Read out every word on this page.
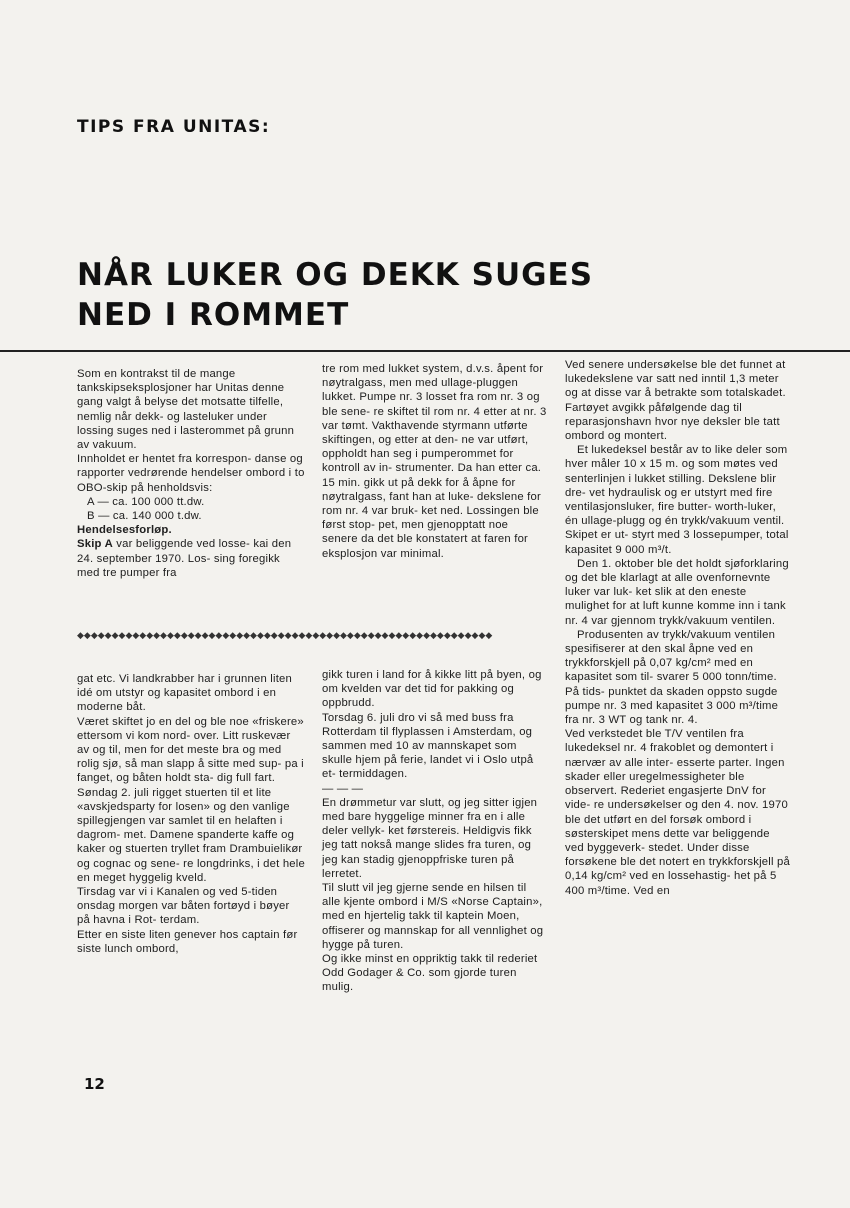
TIPS FRA UNITAS:
NÅR LUKER OG DEKK SUGES
NED I ROMMET

Som en kontrakst til de mange tankskipseksplosjoner har Unitas denne gang valgt å belyse det motsatte tilfelle, nemlig når dekk- og lasteluker under lossing suges ned i lasterommet på grunn av vakuum.

Innholdet er hentet fra korrespon- danse og rapporter vedrørende hendelser ombord i to OBO-skip på henholdsvis:

A — ca. 100 000 tt.dw.

B — ca. 140 000 t.dw.

Hendelsesforløp.

Skip A var beliggende ved losse- kai den 24. september 1970. Los- sing foregikk med tre pumper fra

tre rom med lukket system, d.v.s. åpent for nøytralgass, men med ullage-pluggen lukket. Pumpe nr. 3 losset fra rom nr. 3 og ble sene- re skiftet til rom nr. 4 etter at nr. 3 var tømt. Vakthavende styrmann utførte skiftingen, og etter at den- ne var utført, oppholdt han seg i pumperommet for kontroll av in- strumenter. Da han etter ca. 15 min. gikk ut på dekk for å åpne for nøytralgass, fant han at luke- dekslene for rom nr. 4 var bruk- ket ned. Lossingen ble først stop- pet, men gjenopptatt noe senere da det ble konstatert at faren for eksplosjon var minimal.

Ved senere undersøkelse ble det funnet at lukedekslene var satt ned inntil 1,3 meter og at disse var å betrakte som totalskadet. Fartøyet avgikk påfølgende dag til reparasjonshavn hvor nye deksler ble tatt ombord og montert.

Et lukedeksel består av to like deler som hver måler 10 x 15 m. og som møtes ved senterlinjen i lukket stilling. Dekslene blir dre- vet hydraulisk og er utstyrt med fire ventilasjonsluker, fire butter- worth-luker, én ullage-plugg og én trykk/vakuum ventil. Skipet er ut- styrt med 3 lossepumper, total kapasitet 9 000 m³/t.

Den 1. oktober ble det holdt sjøforklaring og det ble klarlagt at alle ovenfornevnte luker var luk- ket slik at den eneste mulighet for at luft kunne komme inn i tank nr. 4 var gjennom trykk/vakuum ventilen.

Produsenten av trykk/vakuum ventilen spesifiserer at den skal åpne ved en trykkforskjell på 0,07 kg/cm² med en kapasitet som til- svarer 5 000 tonn/time. På tids- punktet da skaden oppsto sugde pumpe nr. 3 med kapasitet 3 000 m³/time fra nr. 3 WT og tank nr. 4.

Ved verkstedet ble T/V ventilen fra lukedeksel nr. 4 frakoblet og demontert i nærvær av alle inter- esserte parter. Ingen skader eller uregelmessigheter ble observert. Rederiet engasjerte DnV for vide- re undersøkelser og den 4. nov. 1970 ble det utført en del forsøk ombord i søsterskipet mens dette var beliggende ved byggeverk- stedet. Under disse forsøkene ble det notert en trykkforskjell på 0,14 kg/cm² ved en lossehastig- het på 5 400 m³/time. Ved en

◆◆◆◆◆◆◆◆◆◆◆◆◆◆◆◆◆◆◆◆◆◆◆◆◆◆◆◆◆◆◆◆◆◆◆◆◆◆◆◆◆◆◆◆◆◆◆◆◆◆◆◆◆◆◆◆◆◆◆◆

gat etc. Vi landkrabber har i grunnen liten idé om utstyr og kapasitet ombord i en moderne båt.

Været skiftet jo en del og ble noe «friskere» ettersom vi kom nord- over. Litt ruskevær av og til, men for det meste bra og med rolig sjø, så man slapp å sitte med sup- pa i fanget, og båten holdt sta- dig full fart.

Søndag 2. juli rigget stuerten til et lite «avskjedsparty for losen» og den vanlige spillegjengen var samlet til en helaften i dagrom- met. Damene spanderte kaffe og kaker og stuerten tryllet fram Drambuielikør og cognac og sene- re longdrinks, i det hele en meget hyggelig kveld.

Tirsdag var vi i Kanalen og ved 5-tiden onsdag morgen var båten fortøyd i bøyer på havna i Rot- terdam.

Etter en siste liten genever hos captain før siste lunch ombord,

gikk turen i land for å kikke litt på byen, og om kvelden var det tid for pakking og oppbrudd.

Torsdag 6. juli dro vi så med buss fra Rotterdam til flyplassen i Amsterdam, og sammen med 10 av mannskapet som skulle hjem på ferie, landet vi i Oslo utpå et- termiddagen.

— — —

En drømmetur var slutt, og jeg sitter igjen med bare hyggelige minner fra en i alle deler vellyk- ket førstereis. Heldigvis fikk jeg tatt nokså mange slides fra turen, og jeg kan stadig gjenoppfriske turen på lerretet.

Til slutt vil jeg gjerne sende en hilsen til alle kjente ombord i M/S «Norse Captain», med en hjertelig takk til kaptein Moen, offiserer og mannskap for all vennlighet og hygge på turen.

Og ikke minst en oppriktig takk til rederiet Odd Godager & Co. som gjorde turen mulig.

12
